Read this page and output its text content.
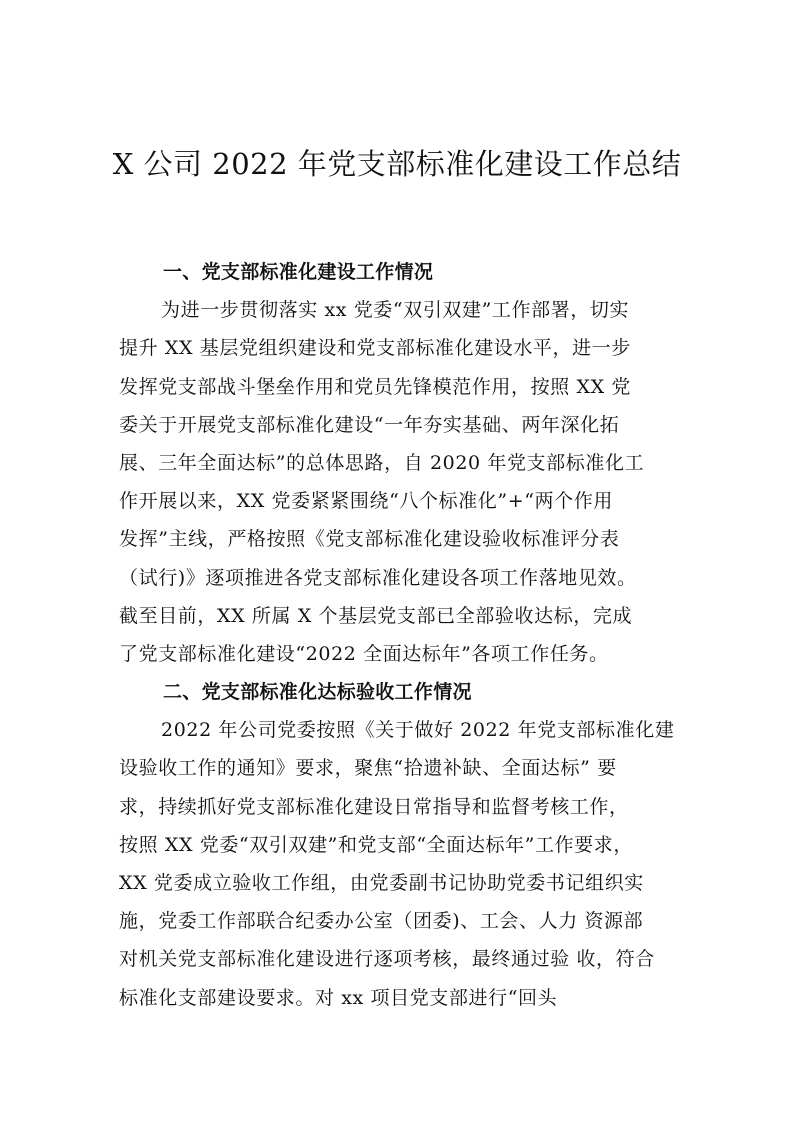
X 公司 2022 年党支部标准化建设工作总结
一、党支部标准化建设工作情况
为进一步贯彻落实 xx 党委“双引双建”工作部署，切实
提升 XX 基层党组织建设和党支部标准化建设水平，进一步
发挥党支部战斗堡垒作用和党员先锋模范作用，按照 XX 党
委关于开展党支部标准化建设“一年夯实基础、两年深化拓
展、三年全面达标”的总体思路，自 2020 年党支部标准化工
作开展以来，XX 党委紧紧围绕“八个标准化”+“两个作用
发挥”主线，严格按照《党支部标准化建设验收标准评分表
（试行)》逐项推进各党支部标准化建设各项工作落地见效。
截至目前，XX 所属 X 个基层党支部已全部验收达标，完成
了党支部标准化建设“2022 全面达标年”各项工作任务。
二、党支部标准化达标验收工作情况
2022 年公司党委按照《关于做好 2022 年党支部标准化建
设验收工作的通知》要求，聚焦“拾遗补缺、全面达标” 要
求，持续抓好党支部标准化建设日常指导和监督考核工作，
按照 XX 党委“双引双建”和党支部“全面达标年”工作要求，
XX 党委成立验收工作组，由党委副书记协助党委书记组织实
施，党委工作部联合纪委办公室（团委)、工会、人力 资源部
对机关党支部标准化建设进行逐项考核，最终通过验 收，符合
标准化支部建设要求。对 xx 项目党支部进行“回头
